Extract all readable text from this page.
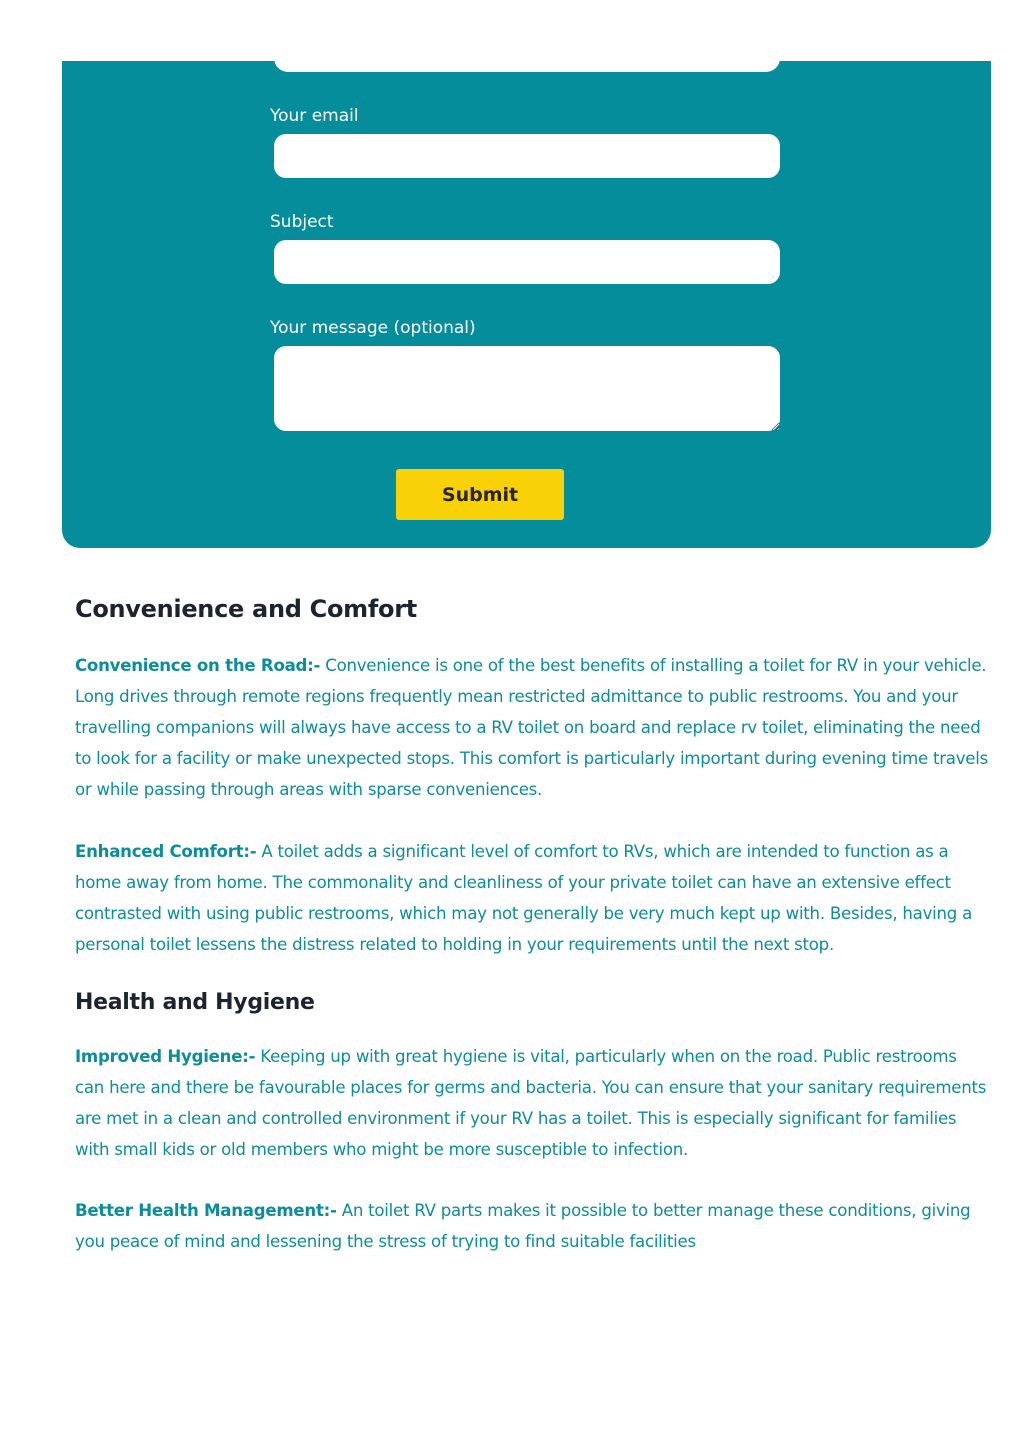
Your email
Subject
Your message (optional)
Submit
Convenience and Comfort

Convenience on the Road:- Convenience is one of the best benefits of installing a toilet for RV in your vehicle. Long drives through remote regions frequently mean restricted admittance to public restrooms. You and your travelling companions will always have access to a RV toilet on board and replace rv toilet, eliminating the need to look for a facility or make unexpected stops. This comfort is particularly important during evening time travels or while passing through areas with sparse conveniences.

Enhanced Comfort:- A toilet adds a significant level of comfort to RVs, which are intended to function as a home away from home. The commonality and cleanliness of your private toilet can have an extensive effect contrasted with using public restrooms, which may not generally be very much kept up with. Besides, having a personal toilet lessens the distress related to holding in your requirements until the next stop.

Health and Hygiene

Improved Hygiene:- Keeping up with great hygiene is vital, particularly when on the road. Public restrooms can here and there be favourable places for germs and bacteria. You can ensure that your sanitary requirements are met in a clean and controlled environment if your RV has a toilet. This is especially significant for families with small kids or old members who might be more susceptible to infection.

Better Health Management:- An toilet RV parts makes it possible to better manage these conditions, giving you peace of mind and lessening the stress of trying to find suitable facilities
